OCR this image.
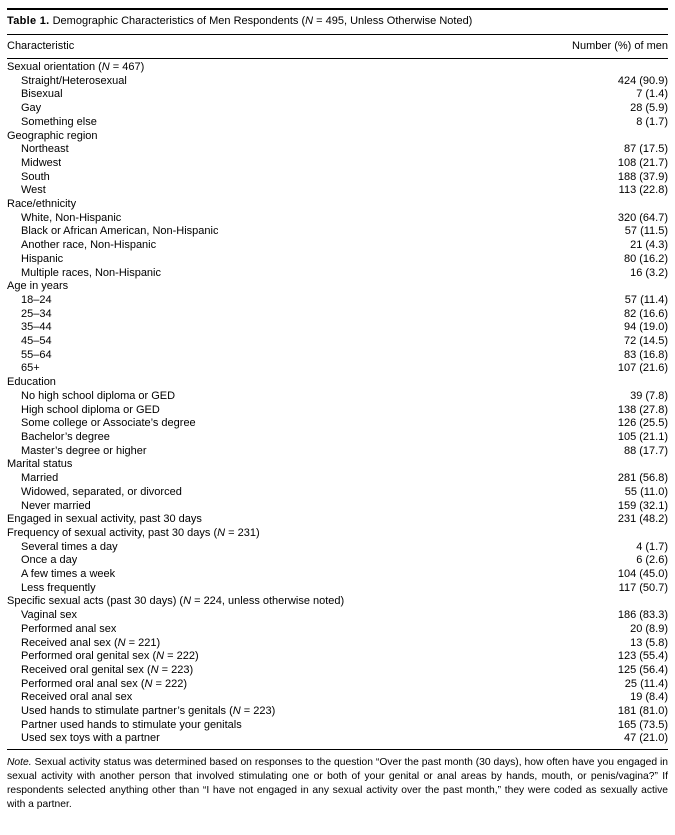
Table 1. Demographic Characteristics of Men Respondents (N = 495, Unless Otherwise Noted)
Characteristic	Number (%) of men
Sexual orientation (N = 467)
Straight/Heterosexual	424 (90.9)
Bisexual	7 (1.4)
Gay	28 (5.9)
Something else	8 (1.7)
Geographic region
Northeast	87 (17.5)
Midwest	108 (21.7)
South	188 (37.9)
West	113 (22.8)
Race/ethnicity
White, Non-Hispanic	320 (64.7)
Black or African American, Non-Hispanic	57 (11.5)
Another race, Non-Hispanic	21 (4.3)
Hispanic	80 (16.2)
Multiple races, Non-Hispanic	16 (3.2)
Age in years
18–24	57 (11.4)
25–34	82 (16.6)
35–44	94 (19.0)
45–54	72 (14.5)
55–64	83 (16.8)
65+	107 (21.6)
Education
No high school diploma or GED	39 (7.8)
High school diploma or GED	138 (27.8)
Some college or Associate’s degree	126 (25.5)
Bachelor’s degree	105 (21.1)
Master’s degree or higher	88 (17.7)
Marital status
Married	281 (56.8)
Widowed, separated, or divorced	55 (11.0)
Never married	159 (32.1)
Engaged in sexual activity, past 30 days	231 (48.2)
Frequency of sexual activity, past 30 days (N = 231)
Several times a day	4 (1.7)
Once a day	6 (2.6)
A few times a week	104 (45.0)
Less frequently	117 (50.7)
Specific sexual acts (past 30 days) (N = 224, unless otherwise noted)
Vaginal sex	186 (83.3)
Performed anal sex	20 (8.9)
Received anal sex (N = 221)	13 (5.8)
Performed oral genital sex (N = 222)	123 (55.4)
Received oral genital sex (N = 223)	125 (56.4)
Performed oral anal sex (N = 222)	25 (11.4)
Received oral anal sex	19 (8.4)
Used hands to stimulate partner’s genitals (N = 223)	181 (81.0)
Partner used hands to stimulate your genitals	165 (73.5)
Used sex toys with a partner	47 (21.0)
Note. Sexual activity status was determined based on responses to the question “Over the past month (30 days), how often have you engaged in sexual activity with another person that involved stimulating one or both of your genital or anal areas by hands, mouth, or penis/vagina?” If respondents selected anything other than “I have not engaged in any sexual activity over the past month,” they were coded as sexually active with a partner.
